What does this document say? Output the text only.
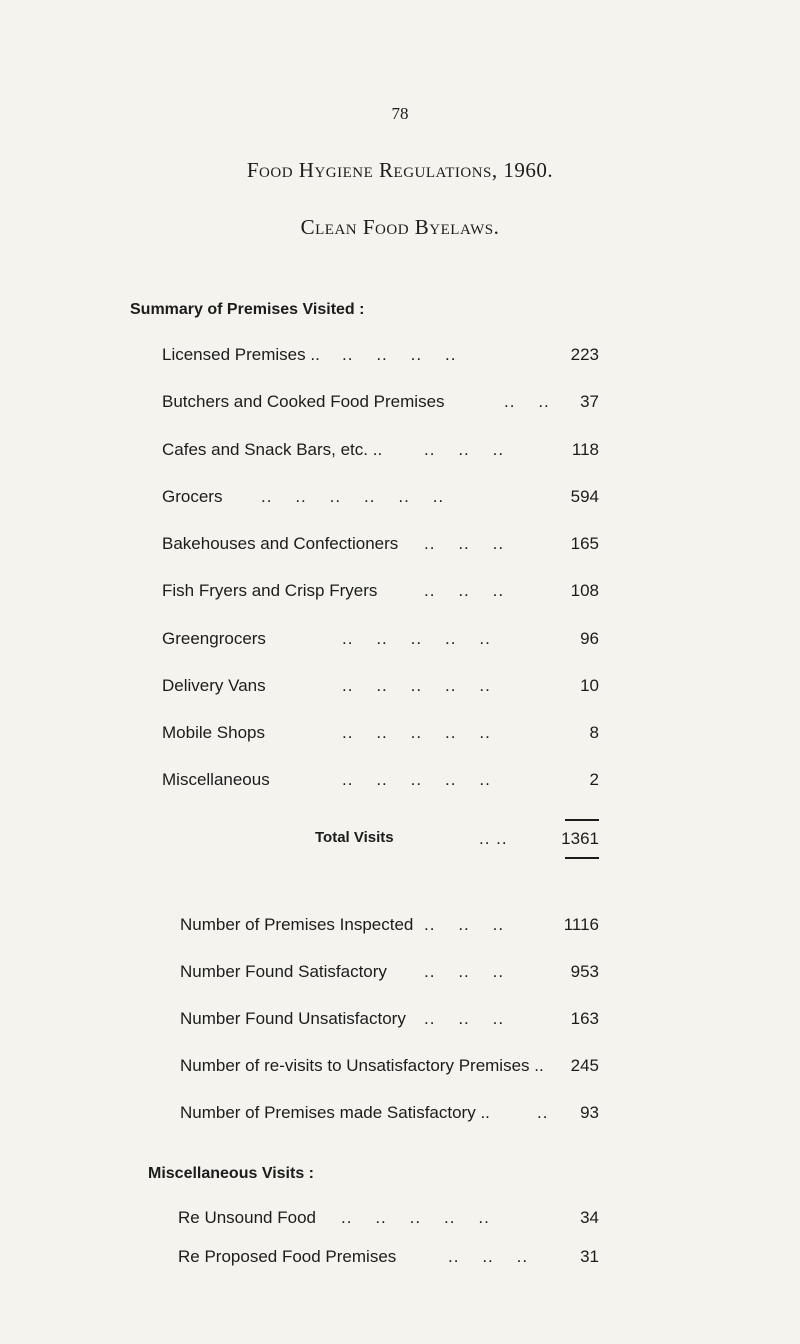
78
Food Hygiene Regulations, 1960.
Clean Food Byelaws.
Summary of Premises Visited :
Licensed Premises .. ..    ..    ..    ..	223
Butchers and Cooked Food Premises	..    .. 37
Cafes and Snack Bars, etc. .. ..    ..    ..	118
Grocers ..    ..    ..    ..    ..    ..	594
Bakehouses and Confectioners ..    ..    ..	165
Fish Fryers and Crisp Fryers	..    ..    ..	108
Greengrocers	..    ..    ..    ..    ..	96
Delivery Vans	..    ..    ..    ..    ..	10
Mobile Shops	..    ..    ..    ..    ..	8
Miscellaneous	..    ..    ..    ..    ..	2
Total Visits	.. ..	1361
Number of Premises Inspected ..    ..    ..	1116
Number Found Satisfactory ..    ..    ..	953
Number Found Unsatisfactory ..    ..    ..	163
Number of re-visits to Unsatisfactory Premises .. 245
Number of Premises made Satisfactory ..	.. 93
Miscellaneous Visits :
Re Unsound Food ..    ..    ..    ..    ..	34
Re Proposed Food Premises	..    ..    ..	31
